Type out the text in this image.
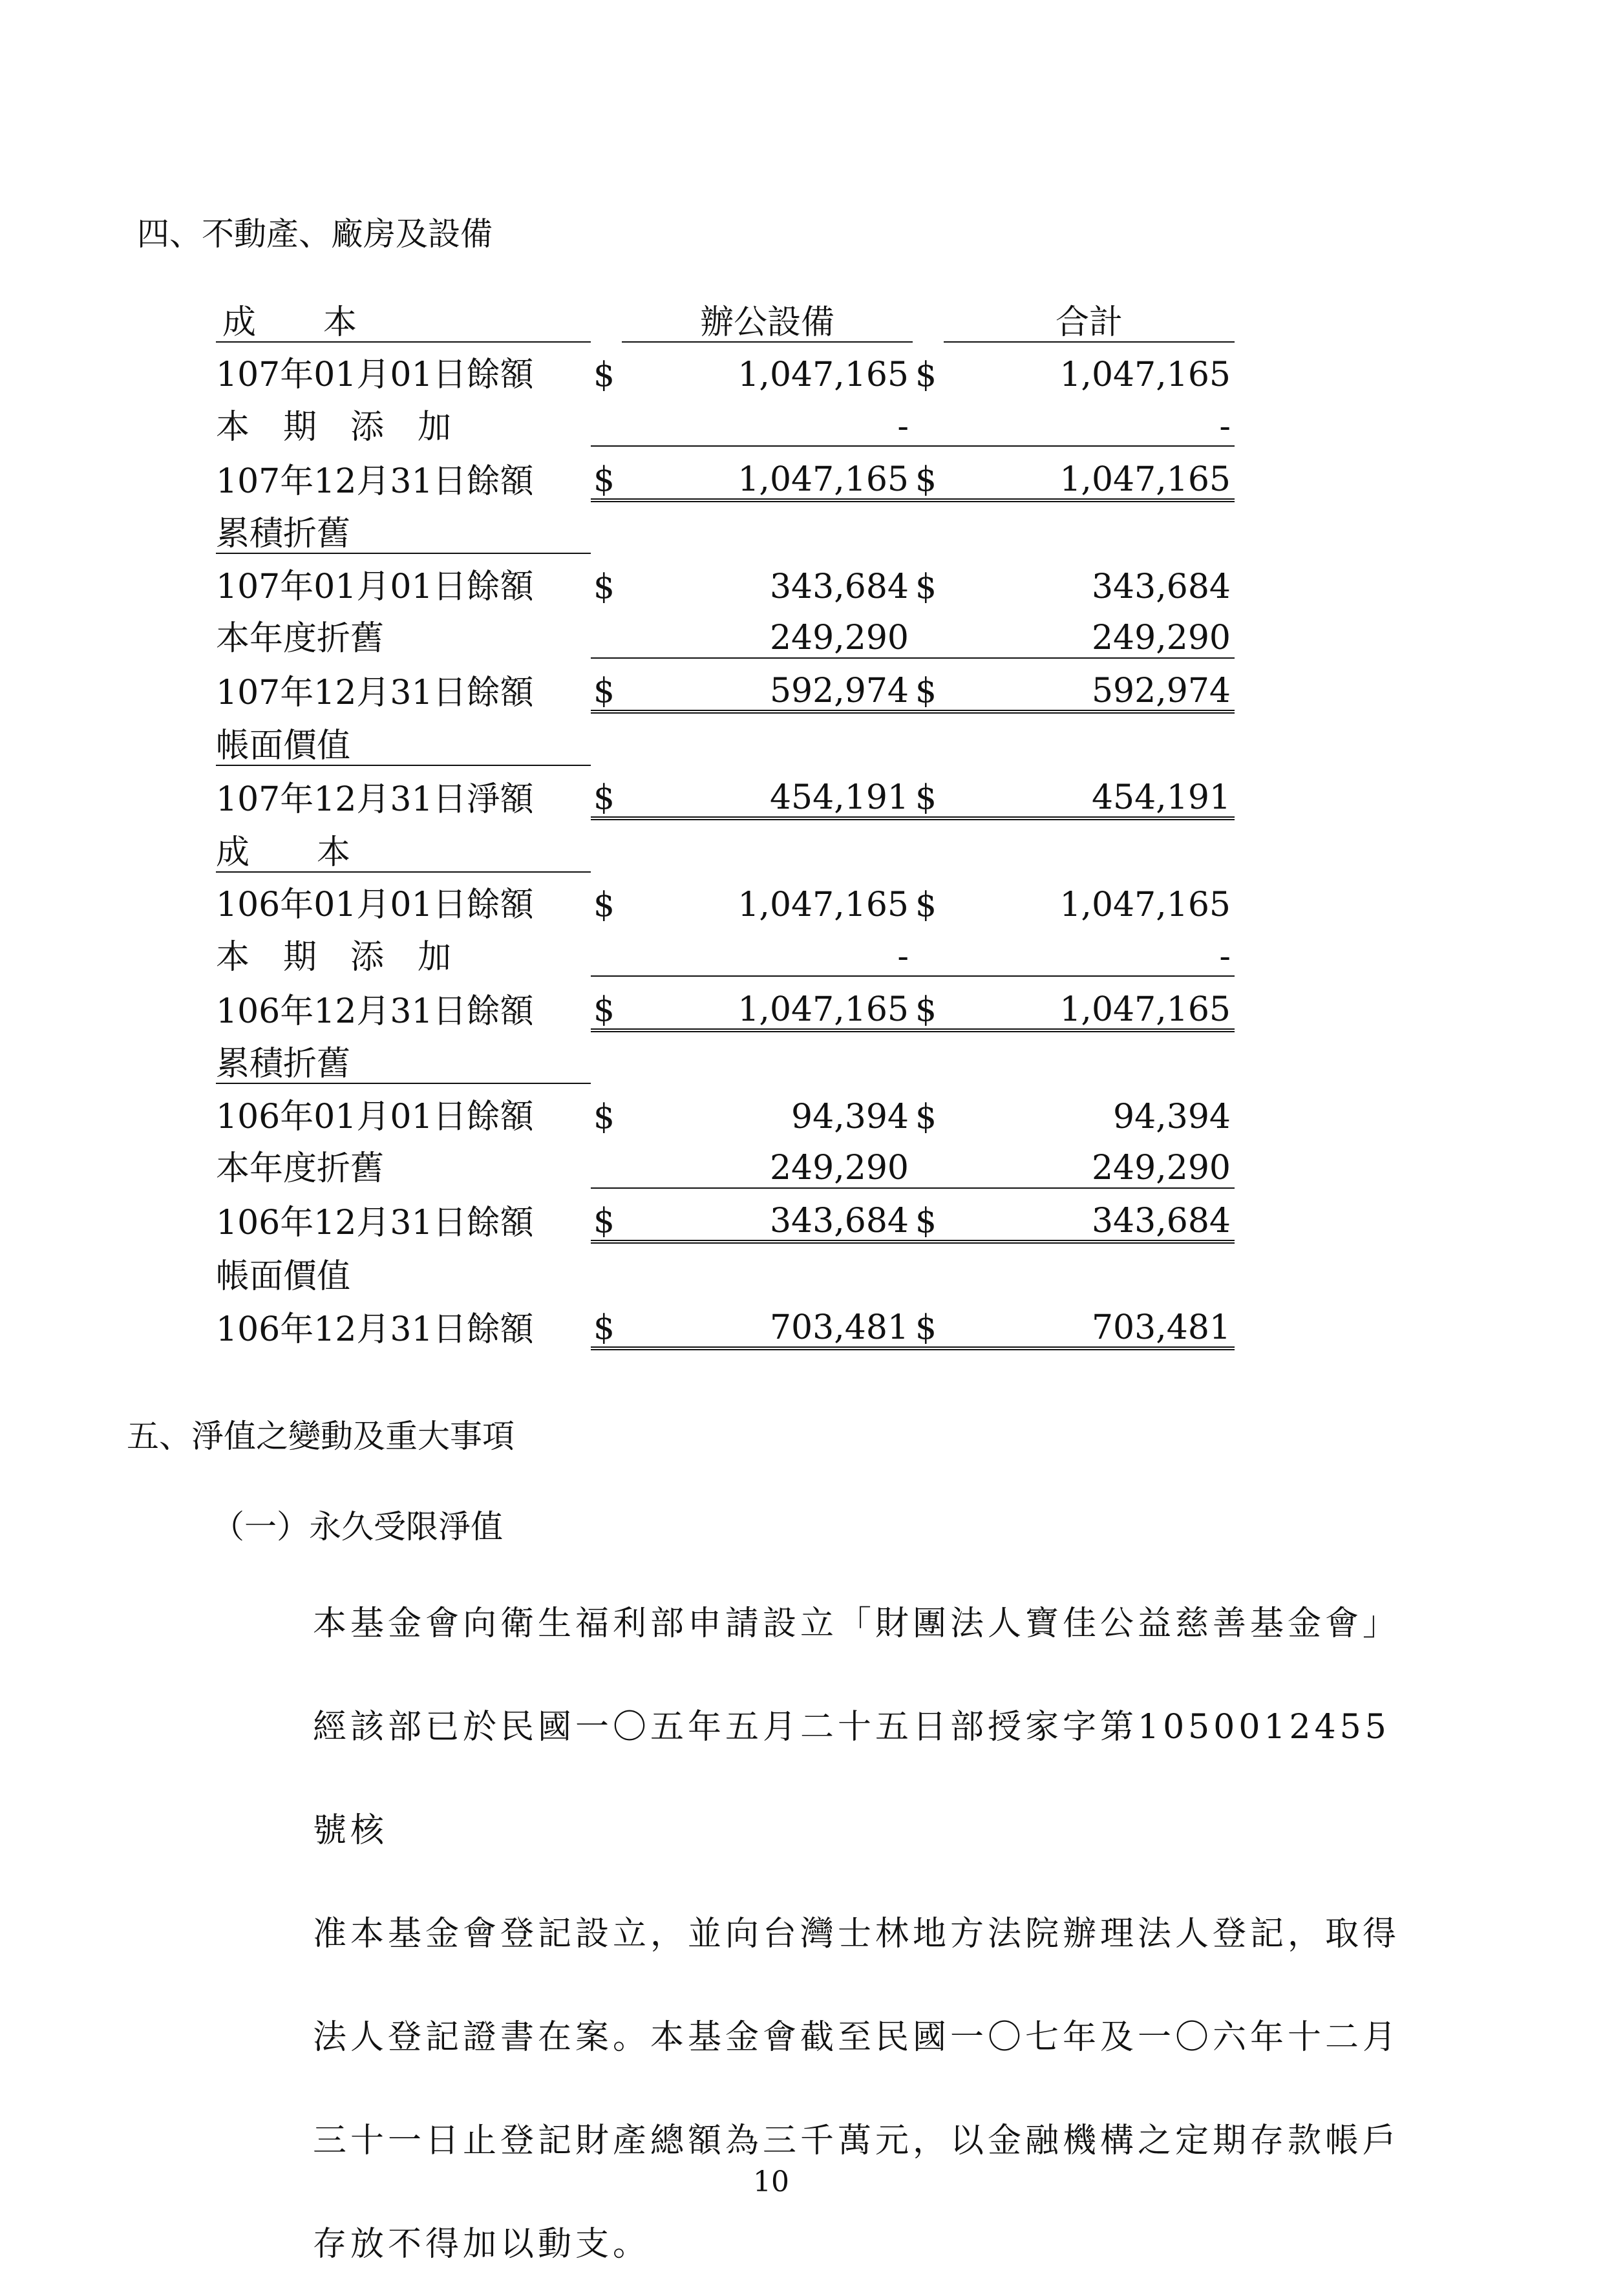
四、不動產、廠房及設備
成　　本		辦公設備		合計
107年01月01日餘額	$	1,047,165	$	1,047,165
本　期　添　加		-		-
107年12月31日餘額	$	1,047,165	$	1,047,165
累積折舊				
107年01月01日餘額	$	343,684	$	343,684
本年度折舊		249,290		249,290
107年12月31日餘額	$	592,974	$	592,974
帳面價值				
107年12月31日淨額	$	454,191	$	454,191
成　　本				
106年01月01日餘額	$	1,047,165	$	1,047,165
本　期　添　加		-		-
106年12月31日餘額	$	1,047,165	$	1,047,165
累積折舊				
106年01月01日餘額	$	94,394	$	94,394
本年度折舊		249,290		249,290
106年12月31日餘額	$	343,684	$	343,684
帳面價值				
106年12月31日餘額	$	703,481	$	703,481
五、淨值之變動及重大事項
（一）永久受限淨值
本基金會向衛生福利部申請設立「財團法人寶佳公益慈善基金會」
經該部已於民國一〇五年五月二十五日部授家字第1050012455號核
准本基金會登記設立，並向台灣士林地方法院辦理法人登記，取得
法人登記證書在案。本基金會截至民國一〇七年及一〇六年十二月
三十一日止登記財產總額為三千萬元，以金融機構之定期存款帳戶
存放不得加以動支。
10
